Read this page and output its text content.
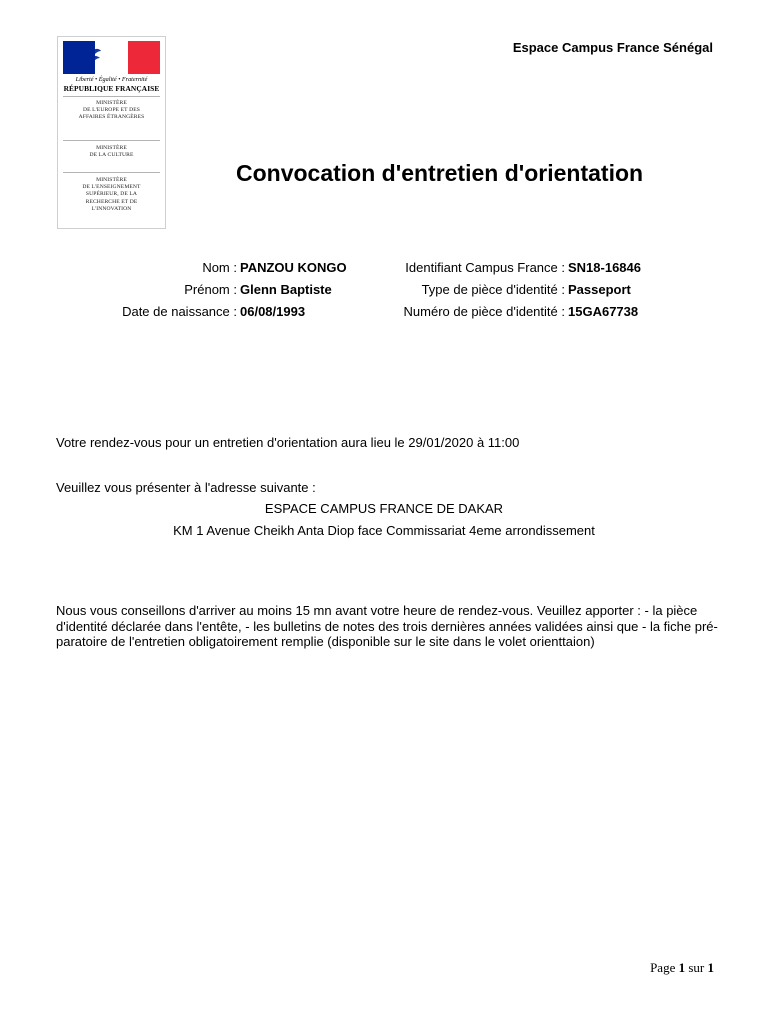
Liberté • Égalité • Fraternité
RÉPUBLIQUE FRANÇAISE
MINISTÈRE
DE L'EUROPE ET DES
AFFAIRES ÉTRANGÈRES
MINISTÈRE
DE LA CULTURE
MINISTÈRE
DE L'ENSEIGNEMENT
SUPÉRIEUR, DE LA
RECHERCHE ET DE
L'INNOVATION
Espace Campus France Sénégal
Convocation d'entretien d'orientation
Nom : PANZOU KONGO
Prénom : Glenn Baptiste
Date de naissance : 06/08/1993
Identifiant Campus France : SN18-16846
Type de pièce d'identité : Passeport
Numéro de pièce d'identité : 15GA67738
Votre rendez-vous pour un entretien d'orientation aura lieu le 29/01/2020 à 11:00
Veuillez vous présenter à l'adresse suivante :
ESPACE CAMPUS FRANCE DE DAKAR
KM 1 Avenue Cheikh Anta Diop face Commissariat 4eme arrondissement
Nous vous conseillons d'arriver au moins 15 mn avant votre heure de rendez-vous. Veuillez apporter : - la pièce
d'identité déclarée dans l'entête, - les bulletins de notes des trois dernières années validées ainsi que - la fiche pré-
paratoire de l'entretien obligatoirement remplie (disponible sur le site dans le volet orienttaion)
Page 1 sur 1
